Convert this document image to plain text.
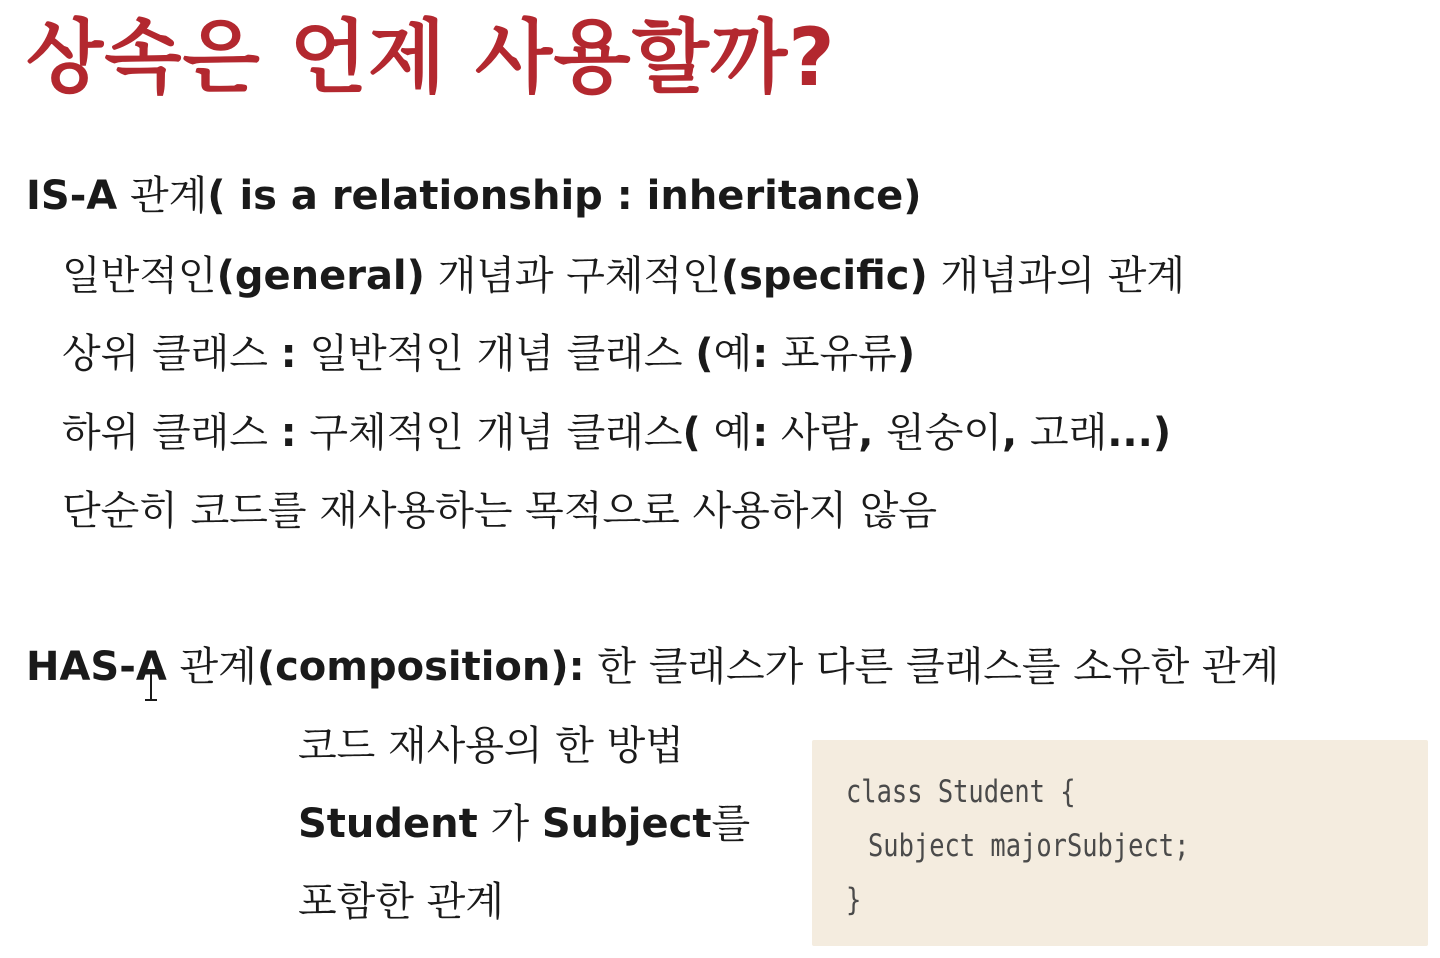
상속은 언제 사용할까?
IS-A 관계( is a relationship : inheritance)
일반적인(general) 개념과 구체적인(specific) 개념과의 관계
상위 클래스 : 일반적인 개념 클래스 (예: 포유류)
하위 클래스 : 구체적인 개념 클래스( 예: 사람, 원숭이, 고래...)
단순히 코드를 재사용하는 목적으로 사용하지 않음
HAS-A 관계(composition): 한 클래스가 다른 클래스를 소유한 관계
코드 재사용의 한 방법
Student 가 Subject를
포함한 관계
class Student {
Subject majorSubject;
}
